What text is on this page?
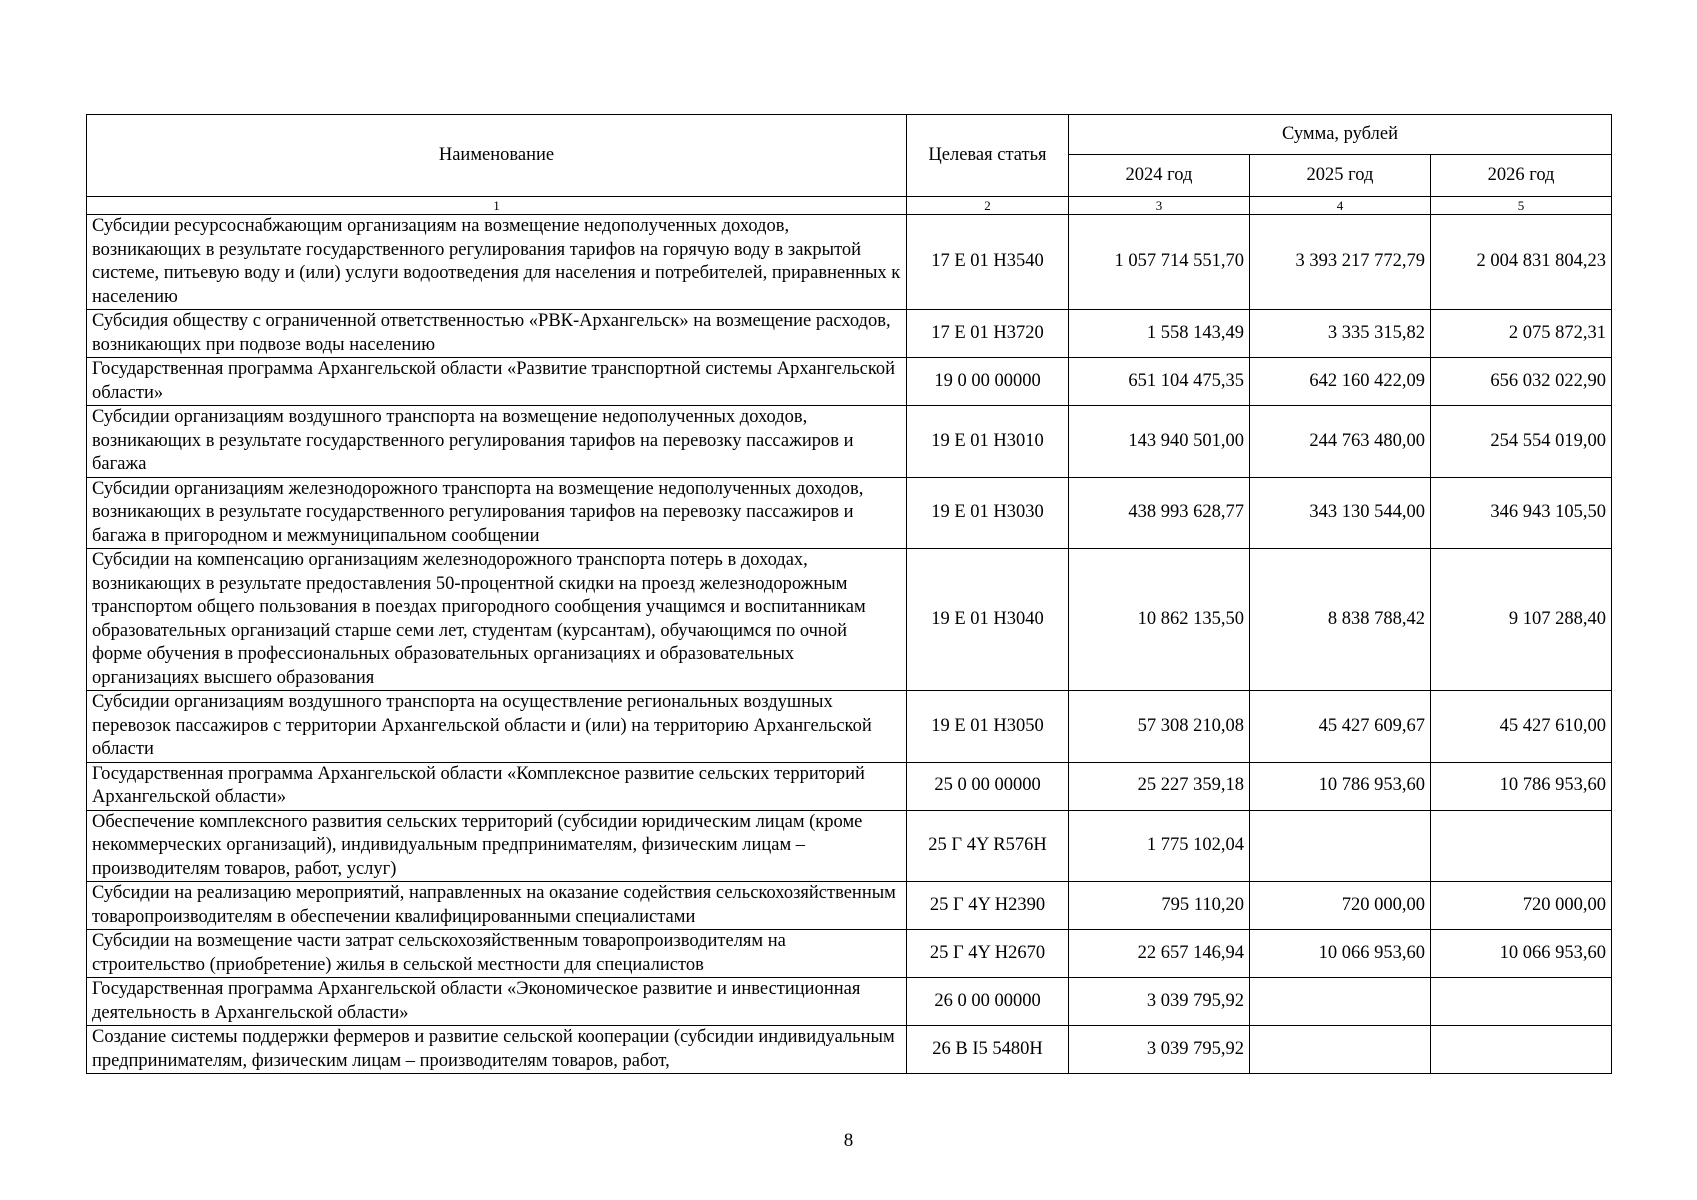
Наименование	Целевая статья	Сумма, рублей		
		2024 год	2025 год	2026 год
1	2	3	4	5
Субсидии ресурсоснабжающим организациям на возмещение недополученных доходов, возникающих в результате государственного регулирования тарифов на горячую воду в закрытой системе, питьевую воду и (или) услуги водоотведения для населения и потребителей, приравненных к населению	17 Е 01 Н3540	1 057 714 551,70	3 393 217 772,79	2 004 831 804,23
Субсидия обществу с ограниченной ответственностью «РВК-Архангельск» на возмещение расходов, возникающих при подвозе воды населению	17 Е 01 Н3720	1 558 143,49	3 335 315,82	2 075 872,31
Государственная программа Архангельской области «Развитие транспортной системы Архангельской области»	19 0 00 00000	651 104 475,35	642 160 422,09	656 032 022,90
Субсидии организациям воздушного транспорта на возмещение недополученных доходов, возникающих в результате государственного регулирования тарифов на перевозку пассажиров и багажа	19 Е 01 Н3010	143 940 501,00	244 763 480,00	254 554 019,00
Субсидии организациям железнодорожного транспорта на возмещение недополученных доходов, возникающих в результате государственного регулирования тарифов на перевозку пассажиров и багажа в пригородном и межмуниципальном сообщении	19 Е 01 Н3030	438 993 628,77	343 130 544,00	346 943 105,50
Субсидии на компенсацию организациям железнодорожного транспорта потерь в доходах, возникающих в результате предоставления 50-процентной скидки на проезд железнодорожным транспортом общего пользования в поездах пригородного сообщения учащимся и воспитанникам образовательных организаций старше семи лет, студентам (курсантам), обучающимся по очной форме обучения в профессиональных образовательных организациях и образовательных организациях высшего образования	19 Е 01 Н3040	10 862 135,50	8 838 788,42	9 107 288,40
Субсидии организациям воздушного транспорта на осуществление региональных воздушных перевозок пассажиров с территории Архангельской области и (или) на территорию Архангельской области	19 Е 01 Н3050	57 308 210,08	45 427 609,67	45 427 610,00
Государственная программа Архангельской области «Комплексное развитие сельских территорий Архангельской области»	25 0 00 00000	25 227 359,18	10 786 953,60	10 786 953,60
Обеспечение комплексного развития сельских территорий (субсидии юридическим лицам (кроме некоммерческих организаций), индивидуальным предпринимателям, физическим лицам – производителям товаров, работ, услуг)	25 Г 4Y R576Н	1 775 102,04		
Субсидии на реализацию мероприятий, направленных на оказание содействия сельскохозяйственным товаропроизводителям в обеспечении квалифицированными специалистами	25 Г 4Y Н2390	795 110,20	720 000,00	720 000,00
Субсидии на возмещение части затрат сельскохозяйственным товаропроизводителям на строительство (приобретение) жилья в сельской местности для специалистов	25 Г 4Y Н2670	22 657 146,94	10 066 953,60	10 066 953,60
Государственная программа Архангельской области «Экономическое развитие и инвестиционная деятельность в Архангельской области»	26 0 00 00000	3 039 795,92		
Создание системы поддержки фермеров и развитие сельской кооперации (субсидии индивидуальным предпринимателям, физическим лицам – производителям товаров, работ,	26 В I5 5480Н	3 039 795,92		
8
